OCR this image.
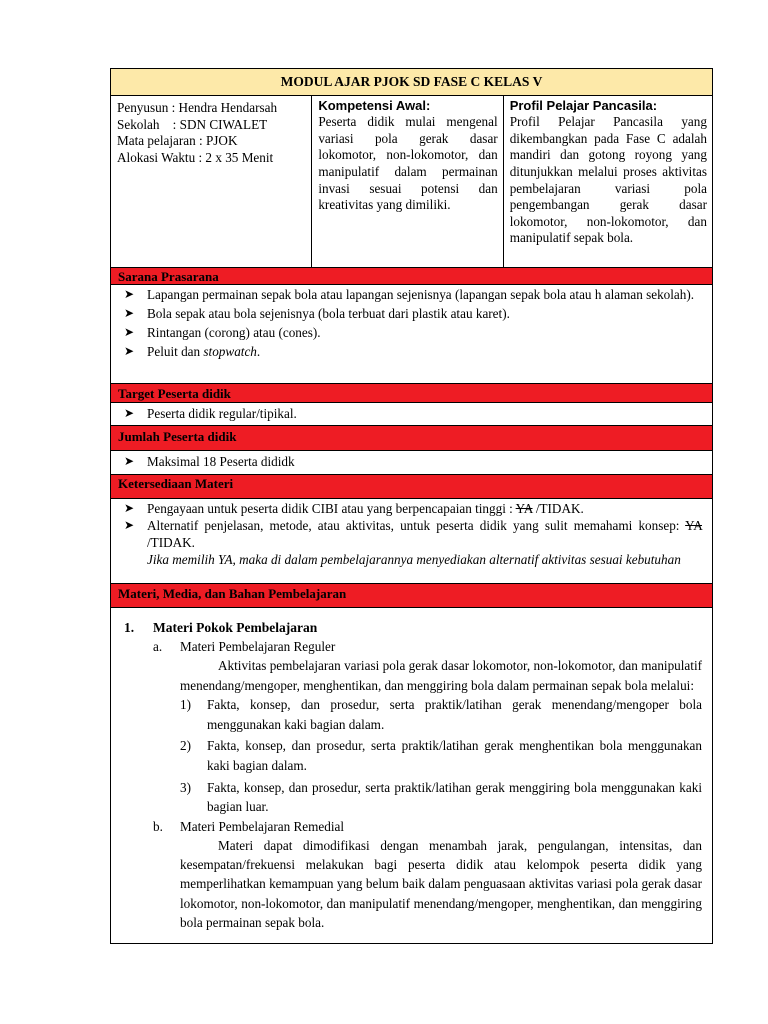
MODUL AJAR PJOK SD FASE C KELAS V
Penyusun : Hendra Hendarsah
Sekolah    : SDN CIWALET
Mata pelajaran : PJOK
Alokasi Waktu : 2 x 35 Menit
Kompetensi Awal:
Peserta didik mulai mengenal variasi pola gerak dasar lokomotor, non-lokomotor, dan manipulatif dalam permainan invasi sesuai potensi dan kreativitas yang dimiliki.
Profil Pelajar Pancasila:
Profil Pelajar Pancasila yang dikembangkan pada Fase C adalah mandiri dan gotong royong yang ditunjukkan melalui proses aktivitas pembelajaran variasi pola pengembangan gerak dasar lokomotor, non-lokomotor, dan manipulatif sepak bola.
Sarana Prasarana
➤ Lapangan permainan sepak bola atau lapangan sejenisnya (lapangan sepak bola atau h alaman sekolah).
➤ Bola sepak atau bola sejenisnya (bola terbuat dari plastik atau karet).
➤ Rintangan (corong) atau (cones).
➤ Peluit dan stopwatch.
Target Peserta didik
➤ Peserta didik regular/tipikal.
Jumlah Peserta didik
➤ Maksimal 18 Peserta dididk
Ketersediaan Materi
➤ Pengayaan untuk peserta didik CIBI atau yang berpencapaian tinggi : YA /TIDAK.
➤ Alternatif penjelasan, metode, atau aktivitas, untuk peserta didik yang sulit memahami konsep: YA /TIDAK.
Jika memilih YA, maka di dalam pembelajarannya menyediakan alternatif aktivitas sesuai kebutuhan
Materi, Media, dan Bahan Pembelajaran
1. Materi Pokok Pembelajaran
a. Materi Pembelajaran Reguler
Aktivitas pembelajaran variasi pola gerak dasar lokomotor, non-lokomotor, dan manipulatif menendang/mengoper, menghentikan, dan menggiring bola dalam permainan sepak bola melalui:
1) Fakta, konsep, dan prosedur, serta praktik/latihan gerak menendang/mengoper bola menggunakan kaki bagian dalam.
2) Fakta, konsep, dan prosedur, serta praktik/latihan gerak menghentikan bola menggunakan kaki bagian dalam.
3) Fakta, konsep, dan prosedur, serta praktik/latihan gerak menggiring bola menggunakan kaki bagian luar.
b. Materi Pembelajaran Remedial
Materi dapat dimodifikasi dengan menambah jarak, pengulangan, intensitas, dan kesempatan/frekuensi melakukan bagi peserta didik atau kelompok peserta didik yang memperlihatkan kemampuan yang belum baik dalam penguasaan aktivitas variasi pola gerak dasar lokomotor, non-lokomotor, dan manipulatif menendang/mengoper, menghentikan, dan menggiring bola permainan sepak bola.
